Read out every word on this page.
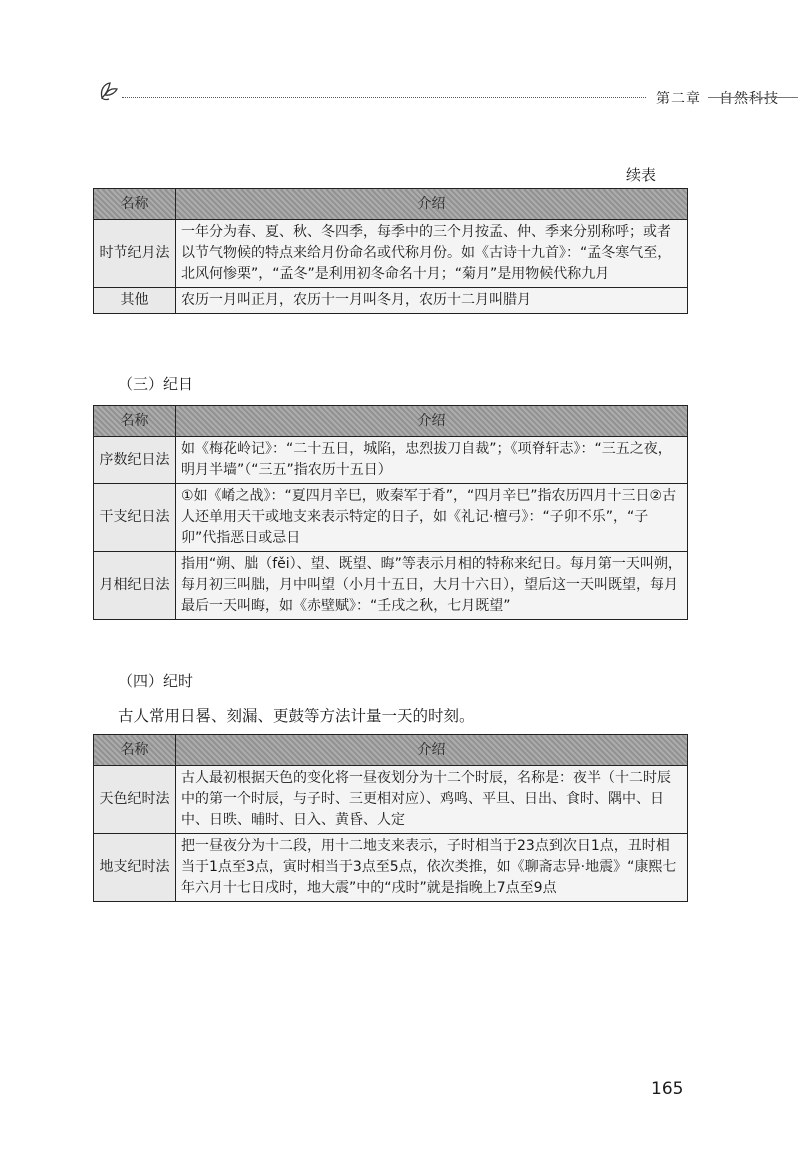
第二章 自然科技
续表
名称	介绍
时节纪月法	一年分为春、夏、秋、冬四季，每季中的三个月按孟、仲、季来分别称呼；或者以节气物候的特点来给月份命名或代称月份。如《古诗十九首》：“孟冬寒气至，北风何惨栗”，“孟冬”是利用初冬命名十月；“菊月”是用物候代称九月
其他	农历一月叫正月，农历十一月叫冬月，农历十二月叫腊月
（三）纪日
名称	介绍
序数纪日法	如《梅花岭记》：“二十五日，城陷，忠烈拔刀自裁”；《项脊轩志》：“三五之夜，明月半墙”（“三五”指农历十五日）
干支纪日法	①如《崤之战》：“夏四月辛巳，败秦军于肴”，“四月辛巳”指农历四月十三日②古人还单用天干或地支来表示特定的日子，如《礼记·檀弓》：“子卯不乐”，“子卯”代指恶日或忌日
月相纪日法	指用“朔、朏（fěi）、望、既望、晦”等表示月相的特称来纪日。每月第一天叫朔，每月初三叫朏，月中叫望（小月十五日，大月十六日），望后这一天叫既望，每月最后一天叫晦，如《赤壁赋》：“壬戌之秋，七月既望”
（四）纪时
古人常用日晷、刻漏、更鼓等方法计量一天的时刻。
名称	介绍
天色纪时法	古人最初根据天色的变化将一昼夜划分为十二个时辰，名称是：夜半（十二时辰中的第一个时辰，与子时、三更相对应）、鸡鸣、平旦、日出、食时、隅中、日中、日昳、晡时、日入、黄昏、人定
地支纪时法	把一昼夜分为十二段，用十二地支来表示，子时相当于23点到次日1点，丑时相当于1点至3点，寅时相当于3点至5点，依次类推，如《聊斋志异·地震》“康熙七年六月十七日戌时，地大震”中的“戌时”就是指晚上7点至9点
165
